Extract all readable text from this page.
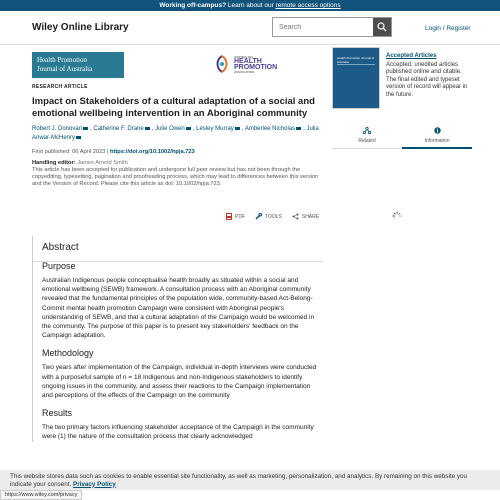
Working off-campus? Learn about our remote access options
Wiley Online Library
Search	Login / Register
Health Promotion
Journal of Australia
AUSTRALIAN
HEALTH
PROMOTION
ASSOCIATION
RESEARCH ARTICLE
Impact on Stakeholders of a cultural adaptation of a social and emotional wellbeing intervention in an Aboriginal community
Robert J. Donovan , Catherine F. Drane , Julie Owen , Lesley Murray , Amberlee Nicholas , Julia Anwar-McHenry
First published: 06 April 2023 | https://doi.org/10.1002/hpja.723
Handling editor: James Arnold Smith
This article has been accepted for publication and undergone full peer review but has not been through the copyediting, typesetting, pagination and proofreading process, which may lead to differences between this version and the Version of Record. Please cite this article as doi: 10.1002/hpja.723.
PDF	TOOLS	SHARE
Abstract
Purpose

Australian Indigenous people conceptualise health broadly as situated within a social and emotional wellbeing (SEWB) framework. A consultation process with an Aboriginal community revealed that the fundamental principles of the population wide, community-based Act-Belong-Commit mental health promotion Campaign were consistent with Aboriginal people's understanding of SEWB, and that a cultural adaptation of the Campaign would be welcomed in the community. The purpose of this paper is to present key stakeholders' feedback on the Campaign adaptation.

Methodology

Two years after implementation of the Campaign, individual in-depth interviews were conducted with a purposeful sample of n = 18 Indigenous and non-Indigenous stakeholders to identify ongoing issues in the community, and assess their reactions to the Campaign implementation and perceptions of the effects of the Campaign on the community

Results

The two primary factors influencing stakeholder acceptance of the Campaign in the community were (1) the nature of the consultation process that clearly acknowledged

Health Promotion Journal of Australia
Accepted Articles
Accepted, unedited articles published online and citable. The final edited and typeset version of record will appear in the future.
Related	Information
This website stores data such as cookies to enable essential site functionality, as well as marketing, personalization, and analytics. By remaining on this website you indicate your consent. Privacy Policy
https://www.wiley.com/privacy
